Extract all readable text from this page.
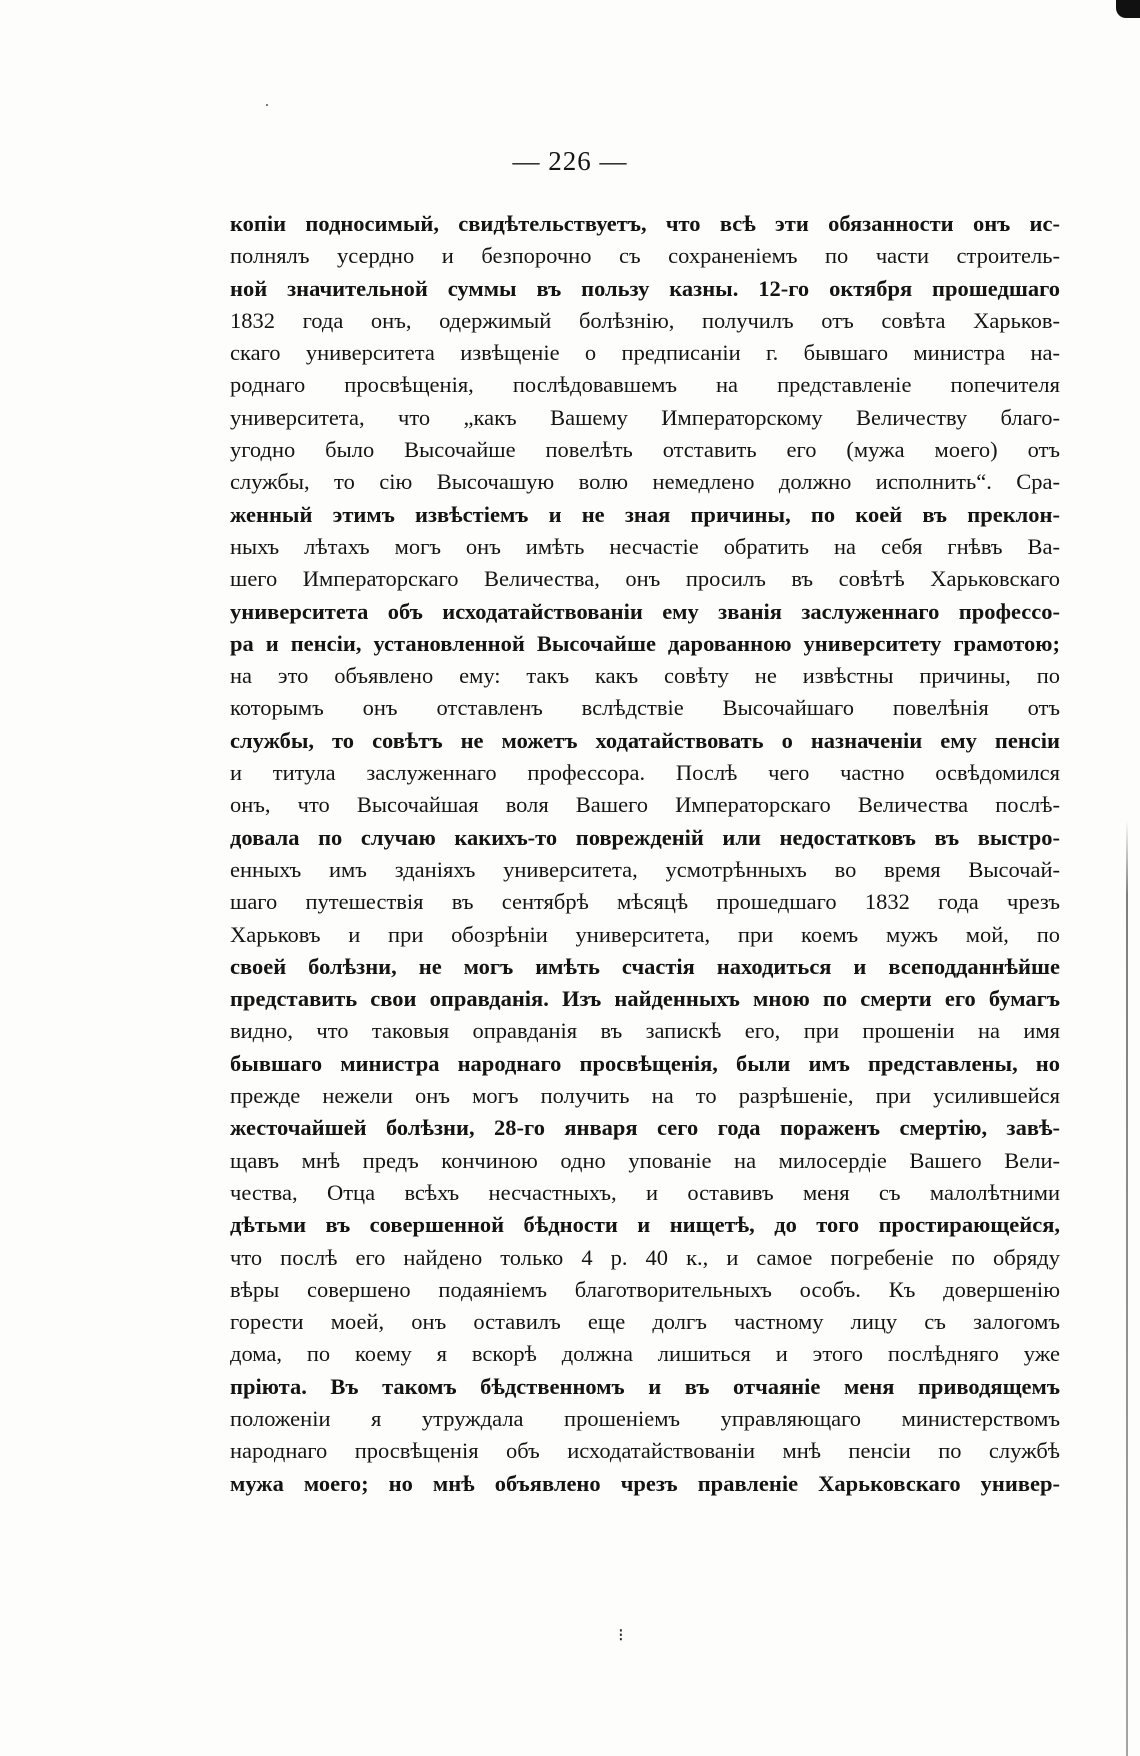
— 226 —
копіи подносимый, свидѣтельствуетъ, что всѣ эти обязанности онъ ис-
полнялъ усердно и безпорочно съ сохраненіемъ по части строитель-
ной значительной суммы въ пользу казны. 12-го октября прошедшаго
1832 года онъ, одержимый болѣзнію, получилъ отъ совѣта Харьков-
скаго университета извѣщеніе о предписаніи г. бывшаго министра на-
роднаго просвѣщенія, послѣдовавшемъ на представленіе попечителя
университета, что „какъ Вашему Императорскому Величеству благо-
угодно было Высочайше повелѣть отставить его (мужа моего) отъ
службы, то сію Высочашую волю немедлено должно исполнить“. Сра-
женный этимъ извѣстіемъ и не зная причины, по коей въ преклон-
ныхъ лѣтахъ могъ онъ имѣть несчастіе обратить на себя гнѣвъ Ва-
шего Императорскаго Величества, онъ просилъ въ совѣтѣ Харьковскаго
университета объ исходатайствованіи ему званія заслуженнаго профессо-
ра и пенсіи, установленной Высочайше дарованною университету грамотою;
на это объявлено ему: такъ какъ совѣту не извѣстны причины, по
которымъ онъ отставленъ вслѣдствіе Высочайшаго повелѣнія отъ
службы, то совѣтъ не можетъ ходатайствовать о назначеніи ему пенсіи
и титула заслуженнаго профессора. Послѣ чего частно освѣдомился
онъ, что Высочайшая воля Вашего Императорскаго Величества послѣ-
довала по случаю какихъ-то поврежденій или недостатковъ въ выстро-
енныхъ имъ зданіяхъ университета, усмотрѣнныхъ во время Высочай-
шаго путешествія въ сентябрѣ мѣсяцѣ прошедшаго 1832 года чрезъ
Харьковъ и при обозрѣніи университета, при коемъ мужъ мой, по
своей болѣзни, не могъ имѣть счастія находиться и всеподданнѣйше
представить свои оправданія. Изъ найденныхъ мною по смерти его бумагъ
видно, что таковыя оправданія въ запискѣ его, при прошеніи на имя
бывшаго министра народнаго просвѣщенія, были имъ представлены, но
прежде нежели онъ могъ получить на то разрѣшеніе, при усилившейся
жесточайшей болѣзни, 28-го января сего года пораженъ смертію, завѣ-
щавъ мнѣ предъ кончиною одно упованіе на милосердіе Вашего Вели-
чества, Отца всѣхъ несчастныхъ, и оставивъ меня съ малолѣтними
дѣтьми въ совершенной бѣдности и нищетѣ, до того простирающейся,
что послѣ его найдено только 4 р. 40 к., и самое погребеніе по обряду
вѣры совершено подаяніемъ благотворительныхъ особъ. Къ довершенію
горести моей, онъ оставилъ еще долгъ частному лицу съ залогомъ
дома, по коему я вскорѣ должна лишиться и этого послѣдняго уже
пріюта. Въ такомъ бѣдственномъ и въ отчаяніе меня приводящемъ
положеніи я утруждала прошеніемъ управляющаго министерствомъ
народнаго просвѣщенія объ исходатайствованіи мнѣ пенсіи по службѣ
мужа моего; но мнѣ объявлено чрезъ правленіе Харьковскаго универ-
⁝
